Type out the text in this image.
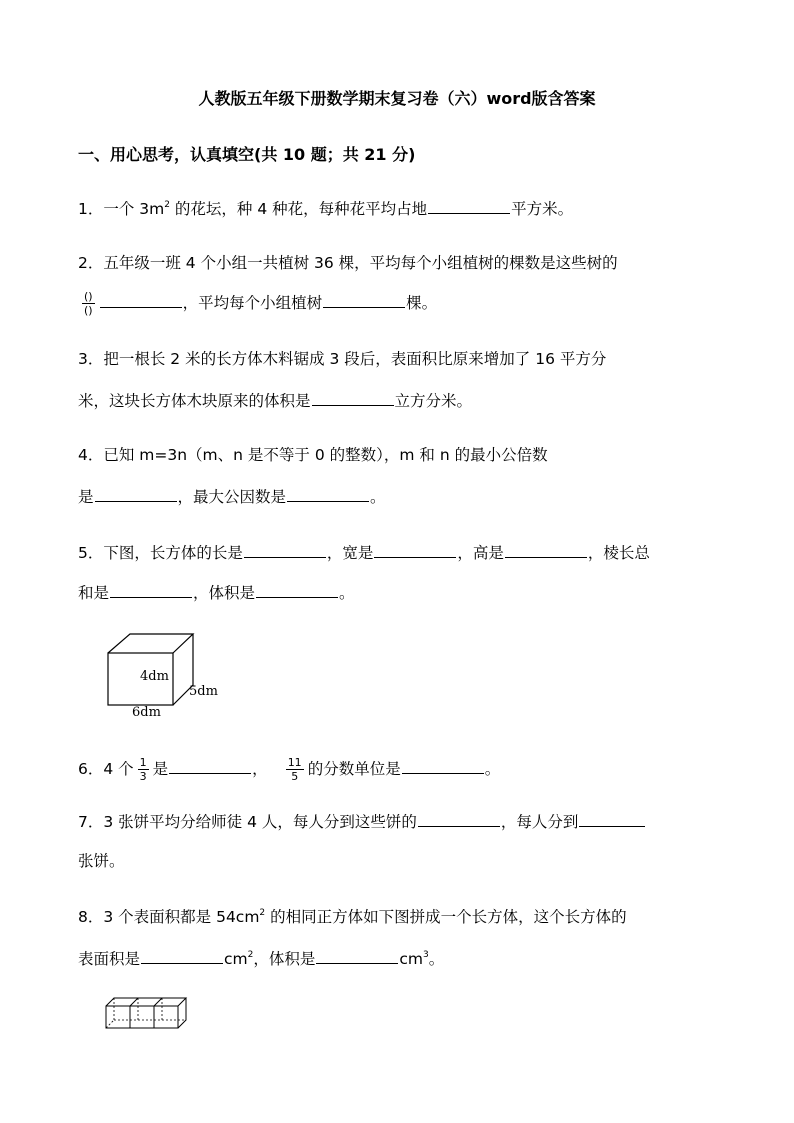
人教版五年级下册数学期末复习卷（六）word版含答案
一、用心思考，认真填空(共 10 题；共 21 分)
1．一个 $3m^2$ 的花坛，种 4 种花，每种花平均占地	平方米。
2．五年级一班 4 个小组一共植树 36 棵，平均每个小组植树的棵数是这些树的
$\frac{()}{()}$	，平均每个小组植树	棵。
3．把一根长 2 米的长方体木料锯成 3 段后，表面积比原来增加了 16 平方分
米，这块长方体木块原来的体积是	立方分米。
4．已知 m=3n（m、n 是不等于 0 的整数），m 和 n 的最小公倍数
是	，最大公因数是	。
5．下图，长方体的长是	，宽是	，高是	，棱长总
和是	，体积是	。
4dm
5dm
6dm
6．4 个 $\frac{1}{3}$ 是	， $\frac{11}{5}$ 的分数单位是	。
7．3 张饼平均分给师徒 4 人，每人分到这些饼的	，每人分到
张饼。
8．3 个表面积都是 $54cm^2$ 的相同正方体如下图拼成一个长方体，这个长方体的
表面积是	$cm^2$，体积是	$cm^3$。
